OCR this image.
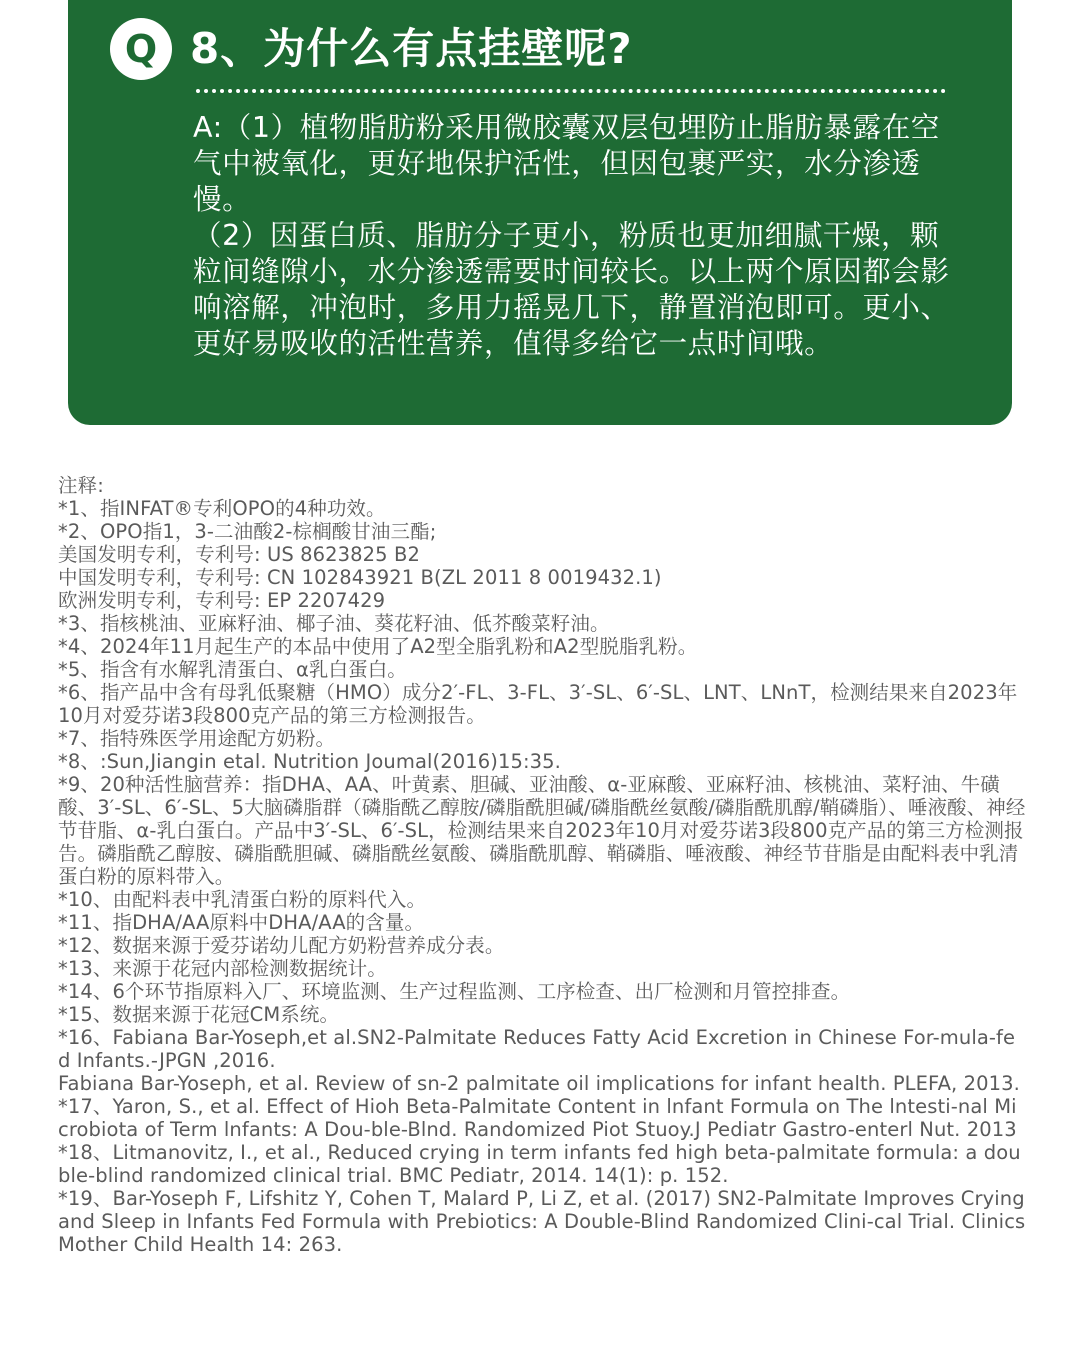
Q 8、为什么有点挂壁呢?

A:（1）植物脂肪粉采用微胶囊双层包埋防止脂肪暴露在空气中被氧化，更好地保护活性，但因包裹严实，水分渗透慢。

（2）因蛋白质、脂肪分子更小，粉质也更加细腻干燥，颗粒间缝隙小，水分渗透需要时间较长。以上两个原因都会影响溶解，冲泡时，多用力摇晃几下，静置消泡即可。更小、更好易吸收的活性营养，值得多给它一点时间哦。

注释:

*1、指INFAT®专利OPO的4种功效。

*2、OPO指1，3-二油酸2-棕榈酸甘油三酯;

美国发明专利，专利号: US 8623825 B2

中国发明专利，专利号: CN 102843921 B(ZL 2011 8 0019432.1)

欧洲发明专利，专利号: EP 2207429

*3、指核桃油、亚麻籽油、椰子油、葵花籽油、低芥酸菜籽油。

*4、2024年11月起生产的本品中使用了A2型全脂乳粉和A2型脱脂乳粉。

*5、指含有水解乳清蛋白、α乳白蛋白。

*6、指产品中含有母乳低聚糖（HMO）成分2′-FL、3-FL、3′-SL、6′-SL、LNT、LNnT，检测结果来自2023年10月对爱芬诺3段800克产品的第三方检测报告。

*7、指特殊医学用途配方奶粉。

*8、:Sun,Jiangin etal. Nutrition Joumal(2016)15:35.

*9、20种活性脑营养：指DHA、AA、叶黄素、胆碱、亚油酸、α-亚麻酸、亚麻籽油、核桃油、菜籽油、牛磺酸、3′-SL、6′-SL、5大脑磷脂群（磷脂酰乙醇胺/磷脂酰胆碱/磷脂酰丝氨酸/磷脂酰肌醇/鞘磷脂）、唾液酸、神经节苷脂、α-乳白蛋白。产品中3′-SL、6′-SL，检测结果来自2023年10月对爱芬诺3段800克产品的第三方检测报告。磷脂酰乙醇胺、磷脂酰胆碱、磷脂酰丝氨酸、磷脂酰肌醇、鞘磷脂、唾液酸、神经节苷脂是由配料表中乳清蛋白粉的原料带入。

*10、由配料表中乳清蛋白粉的原料代入。

*11、指DHA/AA原料中DHA/AA的含量。

*12、数据来源于爱芬诺幼儿配方奶粉营养成分表。

*13、来源于花冠内部检测数据统计。

*14、6个环节指原料入厂、环境监测、生产过程监测、工序检查、出厂检测和月管控排查。

*15、数据来源于花冠CM系统。

*16、Fabiana Bar-Yoseph,et al.SN2-Palmitate Reduces Fatty Acid Excretion in Chinese For-mula-fed Infants.-JPGN ,2016.

Fabiana Bar-Yoseph, et al. Review of sn-2 palmitate oil implications for infant health. PLEFA, 2013.

*17、Yaron, S., et al. Effect of Hioh Beta-Palmitate Content in lnfant Formula on The lntesti-nal Microbiota of Term lnfants: A Dou-ble-Blnd. Randomized Piot Stuoy.J Pediatr Gastro-enterl Nut. 2013

*18、Litmanovitz, I., et al., Reduced crying in term infants fed high beta-palmitate formula: a double-blind randomized clinical trial. BMC Pediatr, 2014. 14(1): p. 152.

*19、Bar-Yoseph F, Lifshitz Y, Cohen T, Malard P, Li Z, et al. (2017) SN2-Palmitate Improves Crying and Sleep in Infants Fed Formula with Prebiotics: A Double-Blind Randomized Clini-cal Trial. Clinics Mother Child Health 14: 263.
